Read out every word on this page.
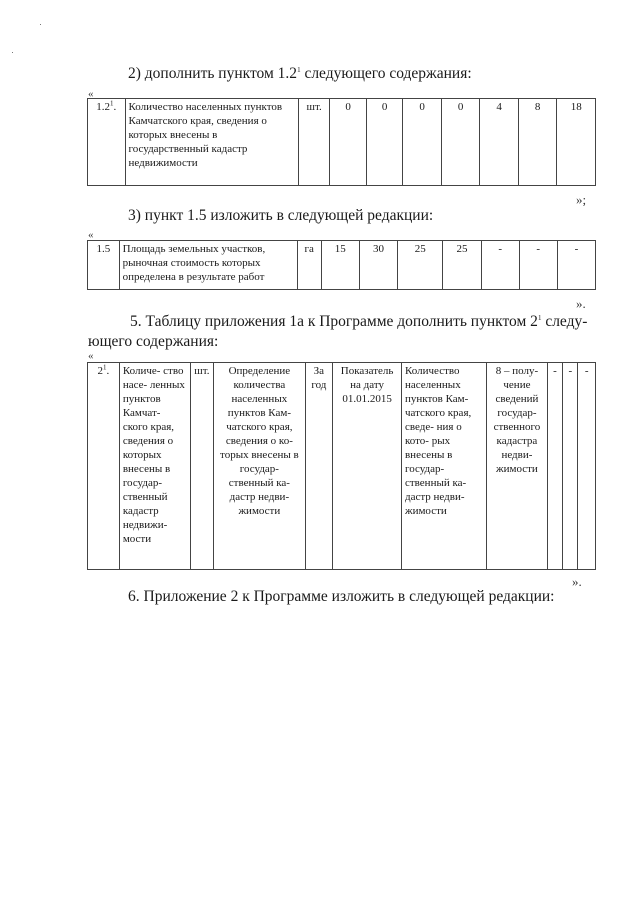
2) дополнить пунктом $1.2^1$ следующего содержания:
«
$1.2^1$.	Количество населенных пунктов Камчатского края, сведения о которых внесены в государственный кадастр недвижимости	шт.	0	0	0	0	4	8	18
»;
3) пункт 1.5 изложить в следующей редакции:
«
1.5	Площадь земельных участков, рыночная стоимость которых определена в результате работ	га	15	30	25	25	-	-	-
».
5. Таблицу приложения 1а к Программе дополнить пунктом $2^1$ следу-
ющего содержания:
«
$2^1$.	Количе- ство насе- ленных пунктов Камчат- ского края, сведения о которых внесены в государ- ственный кадастр недвижи- мости	шт.	Определение количества населенных пунктов Кам- чатского края, сведения о ко- торых внесены в государ- ственный ка- дастр недви- жимости	За год	Показатель на дату 01.01.2015	Количество населенных пунктов Кам- чатского края, сведе- ния о кото- рых внесены в государ- ственный ка- дастр недви- жимости	8 – полу- чение сведений государ- ственного кадастра недви- жимости	-	-	-
».
6. Приложение 2 к Программе изложить в следующей редакции:
